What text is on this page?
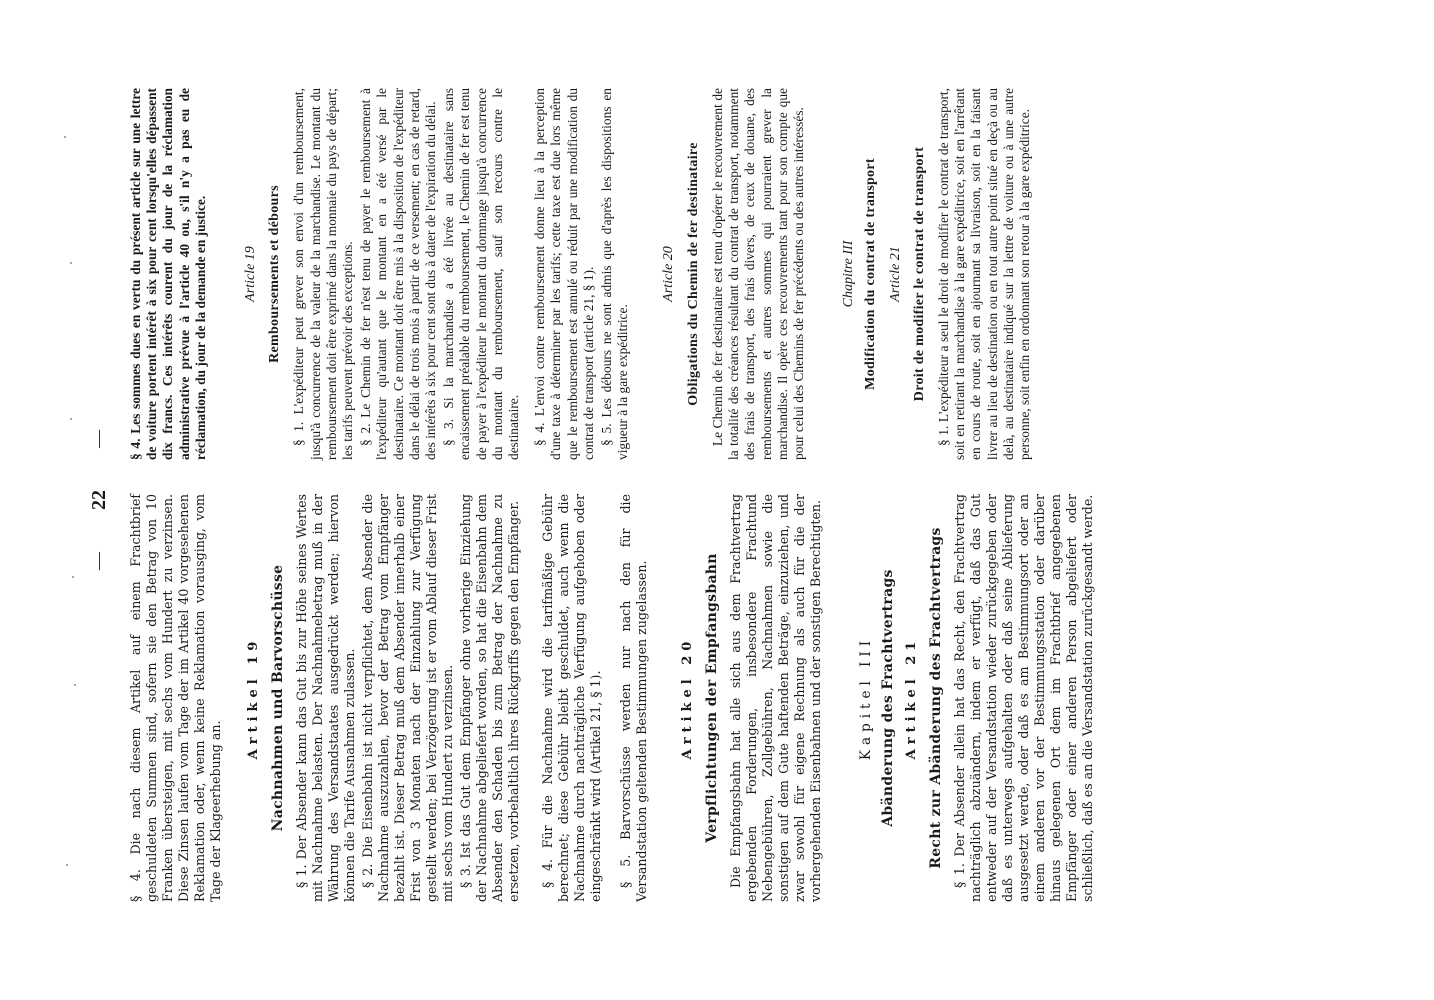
—
22
—

§ 4. Die nach diesem Artikel auf einem Frachtbrief geschuldeten Summen sind, sofern sie den Betrag von 10 Franken übersteigen, mit sechs vom Hundert zu verzinsen. Diese Zinsen laufen vom Tage der im Artikel 40 vorgesehenen Reklamation oder, wenn keine Reklamation vorausging, vom Tage der Klageerhebung an.

Artikel 19 Nachnahmen und Barvorschüsse § 1. Der Absender kann das Gut bis zur Höhe seines Wertes mit Nachnahme belasten. Der Nachnahmebetrag muß in der Währung des Versandstaates ausgedrückt werden; hiervon können die Tarife Ausnahmen zulassen. § 2. Die Eisenbahn ist nicht verpflichtet, dem Absender die Nachnahme auszuzahlen, bevor der Betrag vom Empfänger bezahlt ist. Dieser Betrag muß dem Absender innerhalb einer Frist von 3 Monaten nach der Einzahlung zur Verfügung gestellt werden; bei Verzögerung ist er vom Ablauf dieser Frist mit sechs vom Hundert zu verzinsen. § 3. Ist das Gut dem Empfänger ohne vorherige Einziehung der Nachnahme abgeliefert worden, so hat die Eisenbahn dem Absender den Schaden bis zum Betrag der Nachnahme zu ersetzen, vorbehaltlich ihres Rückgriffs gegen den Empfänger. § 4. Für die Nachnahme wird die tarifmäßige Gebühr berechnet; diese Gebühr bleibt geschuldet, auch wenn die Nachnahme durch nachträgliche Verfügung aufgehoben oder eingeschränkt wird (Artikel 21, § 1). § 5. Barvorschüsse werden nur nach den für die Versandstation geltenden Bestimmungen zugelassen. Artikel 20 Verpflichtungen der Empfangsbahn Die Empfangsbahn hat alle sich aus dem Frachtvertrag ergebenden Forderungen, insbesondere Frachtund Nebengebühren, Zollgebühren, Nachnahmen sowie die sonstigen auf dem Gute haftenden Beträge, einzuziehen, und zwar sowohl für eigene Rechnung als auch für die der vorhergehenden Eisenbahnen und der sonstigen Berechtigten.	Kapitel III Abänderung des Frachtvertrags Artikel 21 Recht zur Abänderung des Frachtvertrags § 1. Der Absender allein hat das Recht, den Frachtvertrag nachträglich abzuändern, indem er verfügt, daß das Gut entweder auf der Versandstation wieder zurückgegeben oder daß es unterwegs aufgehalten oder daß seine Ablieferung ausgesetzt werde, oder daß es am Bestimmungsort oder an einem anderen vor der Bestimmungsstation oder darüber hinaus gelegenen Ort dem im Frachtbrief angegebenen Empfänger oder einer anderen Person abgeliefert oder schließlich, daß es an die Versandstation zurückgesandt werde.

§ 4. Les sommes dues en vertu du présent article sur une lettre de voiture portent intérêt à six pour cent lorsqu'elles dépassent dix francs. Ces intérêts courent du jour de la réclamation administrative prévue à l'article 40 ou, s'il n'y a pas eu de réclamation, du jour de la demande en justice.	Article 19 Remboursements et débours § 1. L'expéditeur peut grever son envoi d'un remboursement, jusqu'à concurrence de la valeur de la marchandise. Le montant du remboursement doit être exprimé dans la monnaie du pays de départ; les tarifs peuvent prévoir des exceptions. § 2. Le Chemin de fer n'est tenu de payer le remboursement à l'expéditeur qu'autant que le montant en a été versé par le destinataire. Ce montant doit être mis à la disposition de l'expéditeur dans le délai de trois mois à partir de ce versement; en cas de retard, des intérêts à six pour cent sont dus à dater de l'expiration du délai. § 3. Si la marchandise a été livrée au destinataire sans encaissement préalable du remboursement, le Chemin de fer est tenu de payer à l'expéditeur le montant du dommage jusqu'à concurrence du montant du remboursement, sauf son recours contre le destinataire. § 4. L'envoi contre remboursement donne lieu à la perception d'une taxe à déterminer par les tarifs; cette taxe est due lors même que le remboursement est annulé ou réduit par une modification du contrat de transport (article 21, § 1). § 5. Les débours ne sont admis que d'après les dispositions en vigueur à la gare expéditrice.

Article 20 Obligations du Chemin de fer destinataire Le Chemin de fer destinataire est tenu d'opérer le recouvrement de la totalité des créances résultant du contrat de transport, notamment des frais de transport, des frais divers, de ceux de douane, des remboursements et autres sommes qui pourraient grever la marchandise. Il opère ces recouvrements tant pour son compte que pour celui des Chemins de fer précédents ou des autres intéressés.	Chapitre III Modification du contrat de transport Article 21 Droit de modifier le contrat de transport § 1. L'expéditeur a seul le droit de modifier le contrat de transport, soit en retirant la marchandise à la gare expéditrice, soit en l'arrêtant en cours de route, soit en ajournant sa livraison, soit en la faisant livrer au lieu de destination ou en tout autre point situé en deçà ou au delà, au destinataire indiqué sur la lettre de voiture ou à une autre personne, soit enfin en ordonnant son retour à la gare expéditrice.
